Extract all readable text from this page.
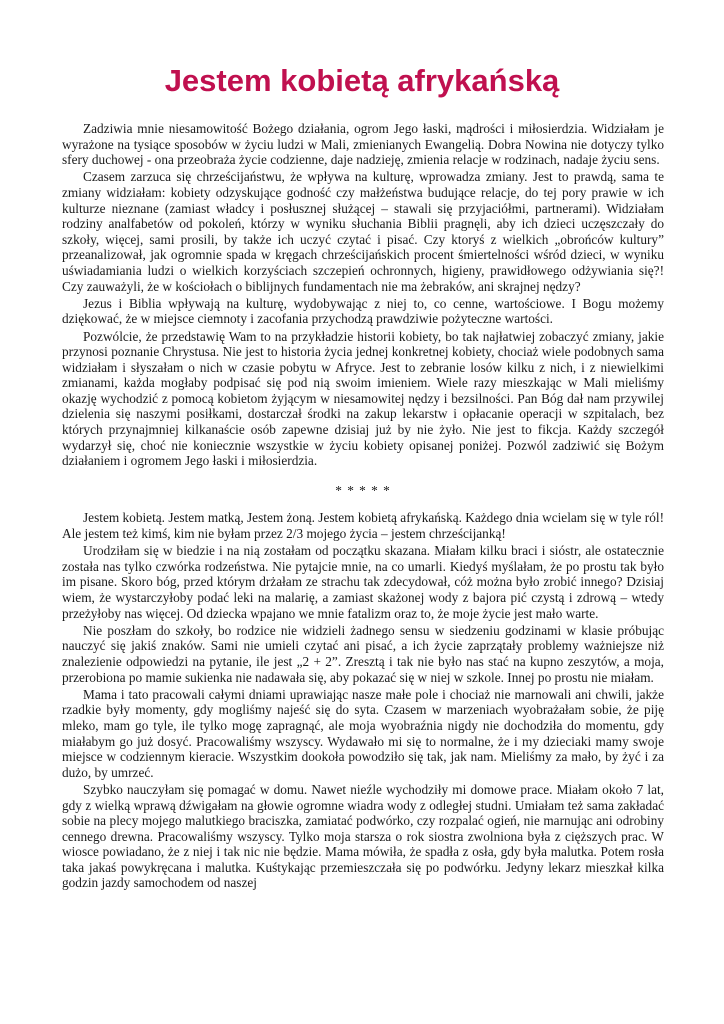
Jestem kobietą afrykańską

Zadziwia mnie niesamowitość Bożego działania, ogrom Jego łaski, mądrości i miłosierdzia. Widziałam je wyrażone na tysiące sposobów w życiu ludzi w Mali, zmienianych Ewangelią. Dobra Nowina nie dotyczy tylko sfery duchowej - ona przeobraża życie codzienne, daje nadzieję, zmienia relacje w rodzinach, nadaje życiu sens.

Czasem zarzuca się chrześcijaństwu, że wpływa na kulturę, wprowadza zmiany. Jest to prawdą, sama te zmiany widziałam: kobiety odzyskujące godność czy małżeństwa budujące relacje, do tej pory prawie w ich kulturze nieznane (zamiast władcy i posłusznej służącej – stawali się przyjaciółmi, partnerami). Widziałam rodziny analfabetów od pokoleń, którzy w wyniku słuchania Biblii pragnęli, aby ich dzieci uczęszczały do szkoły, więcej, sami prosili, by także ich uczyć czytać i pisać. Czy ktoryś z wielkich „obrońców kultury” przeanalizował, jak ogromnie spada w kręgach chrześcijańskich procent śmiertelności wśród dzieci, w wyniku uświadamiania ludzi o wielkich korzyściach szczepień ochronnych, higieny, prawidłowego odżywiania się?! Czy zauważyli, że w kościołach o biblijnych fundamentach nie ma żebraków, ani skrajnej nędzy?

Jezus i Biblia wpływają na kulturę, wydobywając z niej to, co cenne, wartościowe. I Bogu możemy dziękować, że w miejsce ciemnoty i zacofania przychodzą prawdziwie pożyteczne wartości.

Pozwólcie, że przedstawię Wam to na przykładzie historii kobiety, bo tak najłatwiej zobaczyć zmiany, jakie przynosi poznanie Chrystusa. Nie jest to historia życia jednej konkretnej kobiety, chociaż wiele podobnych sama widziałam i słyszałam o nich w czasie pobytu w Afryce. Jest to zebranie losów kilku z nich, i z niewielkimi zmianami, każda mogłaby podpisać się pod nią swoim imieniem. Wiele razy mieszkając w Mali mieliśmy okazję wychodzić z pomocą kobietom żyjącym w niesamowitej nędzy i bezsilności. Pan Bóg dał nam przywilej dzielenia się naszymi posiłkami, dostarczał środki na zakup lekarstw i opłacanie operacji w szpitalach, bez których przynajmniej kilkanaście osób zapewne dzisiaj już by nie żyło. Nie jest to fikcja. Każdy szczegół wydarzył się, choć nie koniecznie wszystkie w życiu kobiety opisanej poniżej. Pozwól zadziwić się Bożym działaniem i ogromem Jego łaski i miłosierdzia.

* * * * *

Jestem kobietą. Jestem matką, Jestem żoną. Jestem kobietą afrykańską. Każdego dnia wcielam się w tyle ról! Ale jestem też kimś, kim nie byłam przez 2/3 mojego życia – jestem chrześcijanką!

Urodziłam się w biedzie i na nią zostałam od początku skazana. Miałam kilku braci i sióstr, ale ostatecznie została nas tylko czwórka rodzeństwa. Nie pytajcie mnie, na co umarli. Kiedyś myślałam, że po prostu tak było im pisane. Skoro bóg, przed którym drżałam ze strachu tak zdecydował, cóż można było zrobić innego? Dzisiaj wiem, że wystarczyłoby podać leki na malarię, a zamiast skażonej wody z bajora pić czystą i zdrową – wtedy przeżyłoby nas więcej. Od dziecka wpajano we mnie fatalizm oraz to, że moje życie jest mało warte.

Nie poszłam do szkoły, bo rodzice nie widzieli żadnego sensu w siedzeniu godzinami w klasie próbując nauczyć się jakiś znaków. Sami nie umieli czytać ani pisać, a ich życie zaprzątały problemy ważniejsze niż znalezienie odpowiedzi na pytanie, ile jest „2 + 2”. Zresztą i tak nie było nas stać na kupno zeszytów, a moja, przerobiona po mamie sukienka nie nadawała się, aby pokazać się w niej w szkole. Innej po prostu nie miałam.

Mama i tato pracowali całymi dniami uprawiając nasze małe pole i chociaż nie marnowali ani chwili, jakże rzadkie były momenty, gdy mogliśmy najeść się do syta. Czasem w marzeniach wyobrażałam sobie, że piję mleko, mam go tyle, ile tylko mogę zapragnąć, ale moja wyobraźnia nigdy nie dochodziła do momentu, gdy miałabym go już dosyć. Pracowaliśmy wszyscy. Wydawało mi się to normalne, że i my dzieciaki mamy swoje miejsce w codziennym kieracie. Wszystkim dookoła powodziło się tak, jak nam. Mieliśmy za mało, by żyć i za dużo, by umrzeć.

Szybko nauczyłam się pomagać w domu. Nawet nieźle wychodziły mi domowe prace. Miałam około 7 lat, gdy z wielką wprawą dźwigałam na głowie ogromne wiadra wody z odległej studni. Umiałam też sama zakładać sobie na plecy mojego malutkiego braciszka, zamiatać podwórko, czy rozpalać ogień, nie marnując ani odrobiny cennego drewna. Pracowaliśmy wszyscy. Tylko moja starsza o rok siostra zwolniona była z cięższych prac. W wiosce powiadano, że z niej i tak nic nie będzie. Mama mówiła, że spadła z osła, gdy była malutka. Potem rosła taka jakaś powykręcana i malutka. Kuśtykając przemieszczała się po podwórku. Jedyny lekarz mieszkał kilka godzin jazdy samochodem od naszej
